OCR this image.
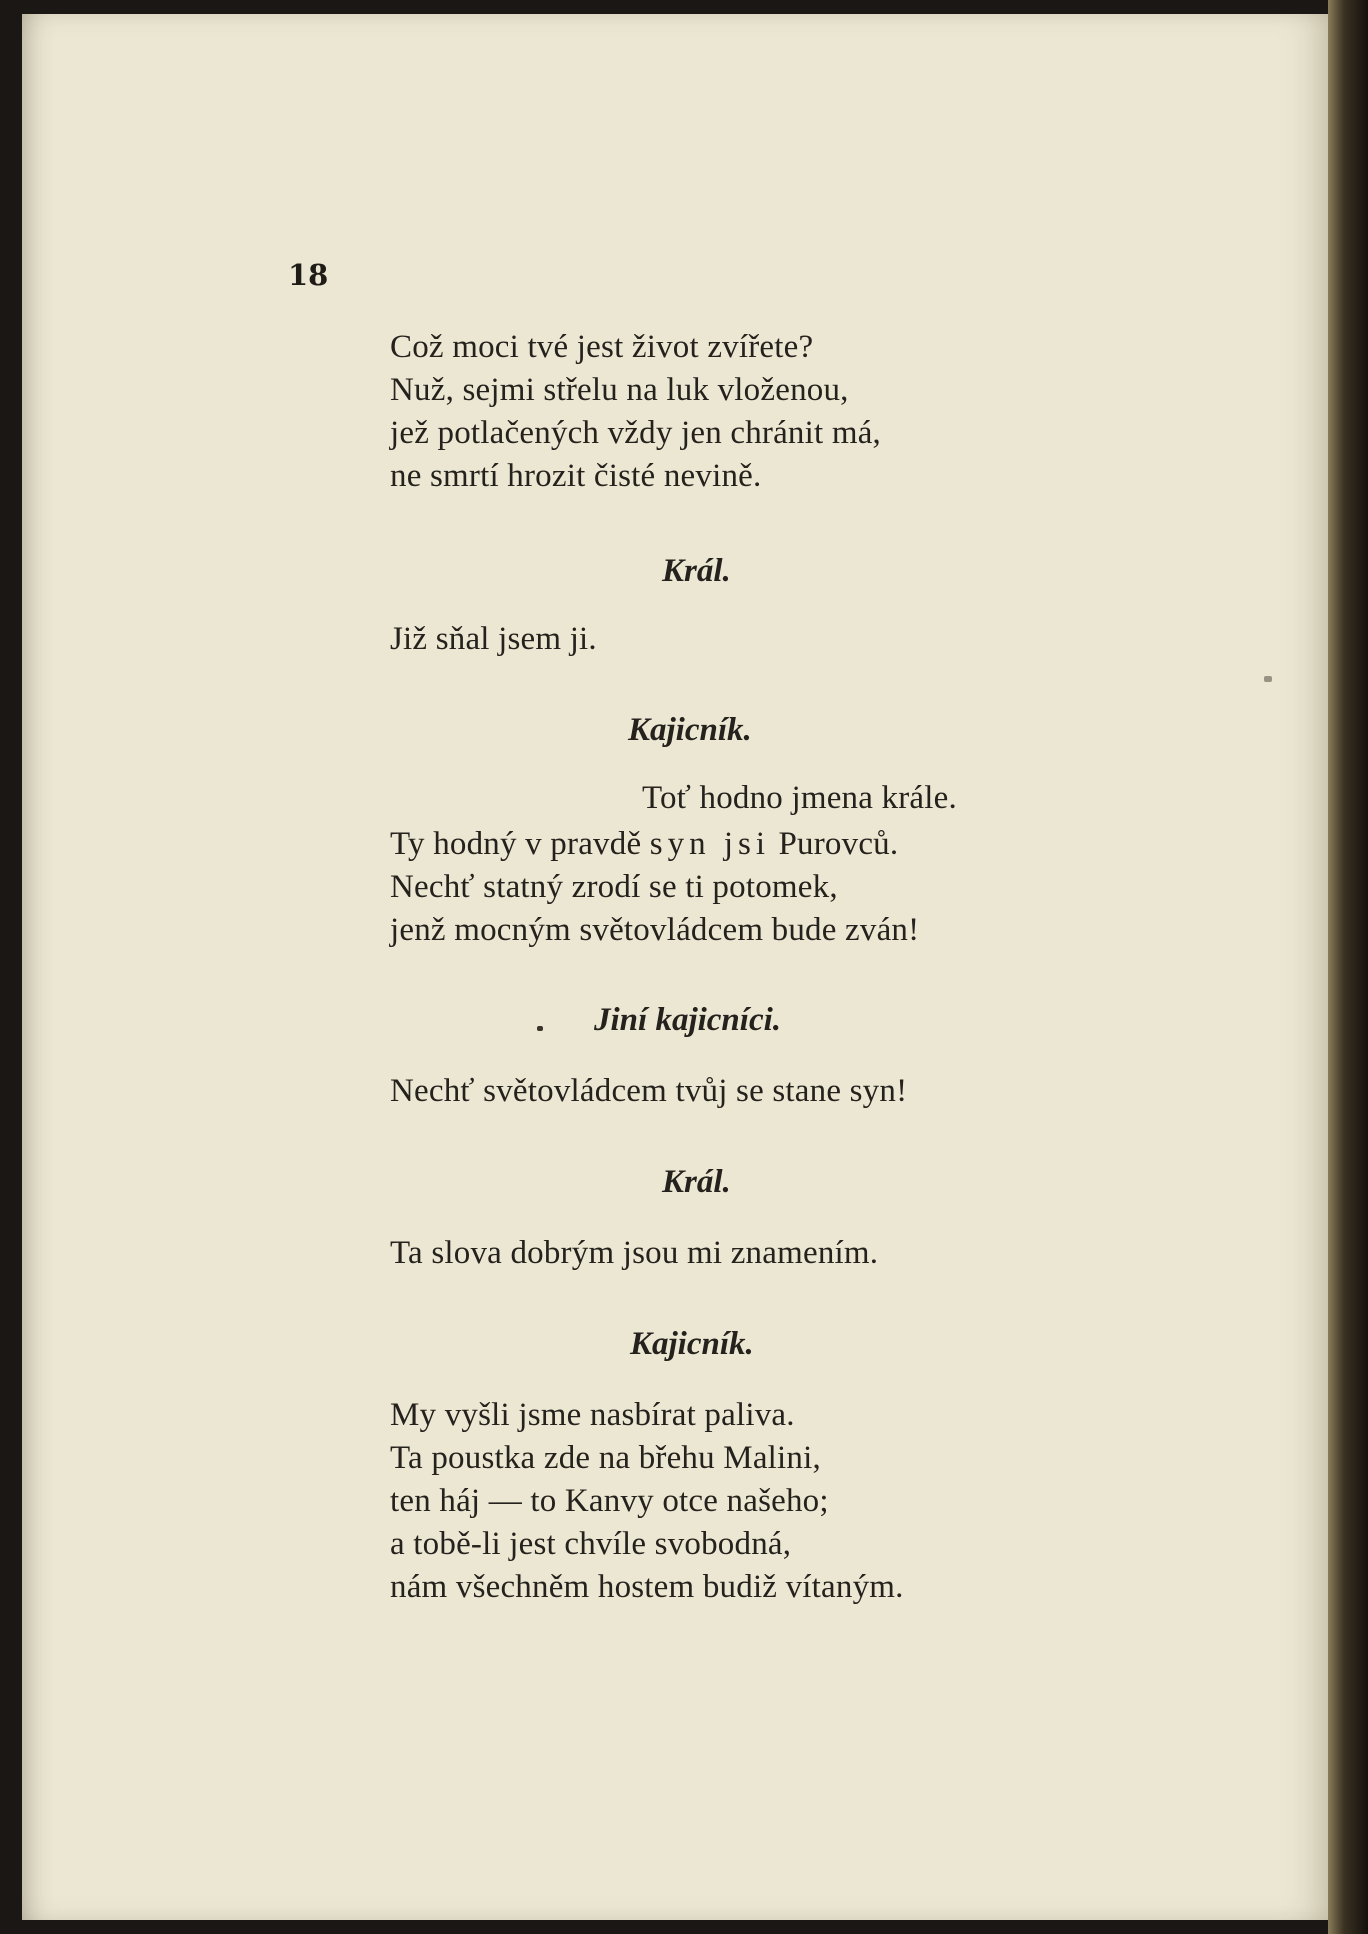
18
Což moci tvé jest život zvířete?
Nuž, sejmi střelu na luk vloženou,
jež potlačených vždy jen chránit má,
ne smrtí hrozit čisté nevině.
Král.
Již sňal jsem ji.
Kajicník.
Toť hodno jmena krále.
Ty hodný v pravdě syn jsi Purovců.
Nechť statný zrodí se ti potomek,
jenž mocným světovládcem bude zván!
Jiní kajicníci.
Nechť světovládcem tvůj se stane syn!
Král.
Ta slova dobrým jsou mi znamením.
Kajicník.
My vyšli jsme nasbírat paliva.
Ta poustka zde na břehu Malini,
ten háj — to Kanvy otce našeho;
a tobě-li jest chvíle svobodná,
nám všechněm hostem budiž vítaným.
